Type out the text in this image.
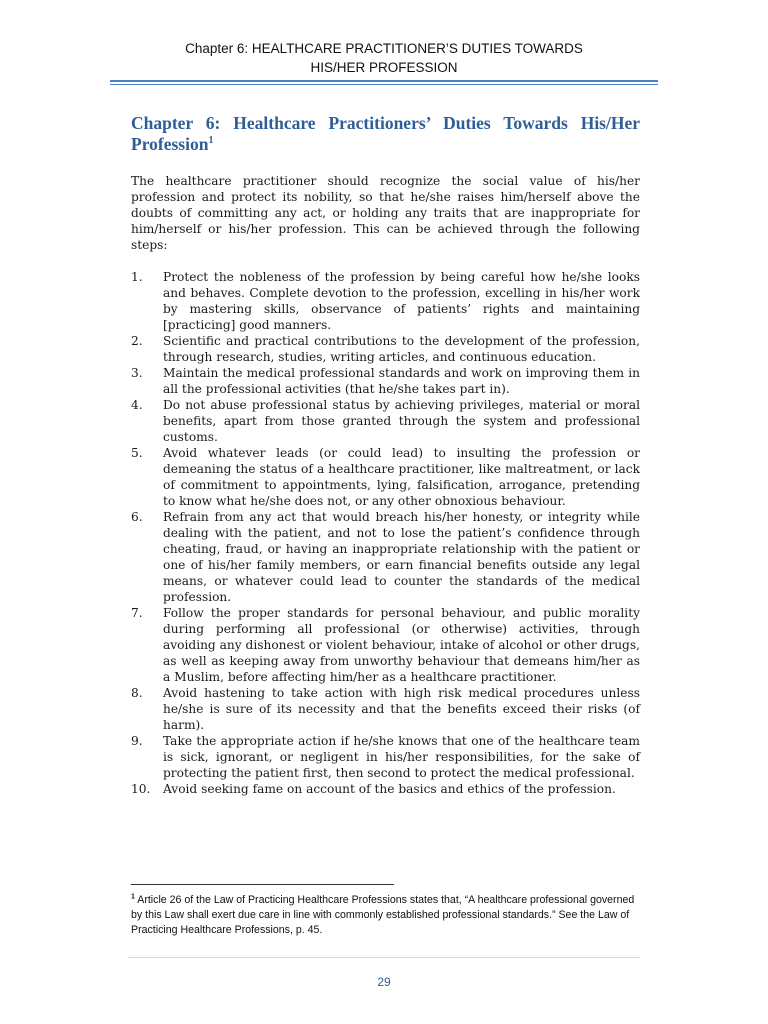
Chapter 6: HEALTHCARE PRACTITIONER’S DUTIES TOWARDS
HIS/HER PROFESSION
Chapter 6: Healthcare Practitioners’ Duties Towards His/Her Profession$^1$

The healthcare practitioner should recognize the social value of his/her profession and protect its nobility, so that he/she raises him/herself above the doubts of committing any act, or holding any traits that are inappropriate for him/herself or his/her profession. This can be achieved through the following steps:

1.	Protect the nobleness of the profession by being careful how he/she looks and behaves. Complete devotion to the profession, excelling in his/her work by mastering skills, observance of patients’ rights and maintaining [practicing] good manners.
2.	Scientific and practical contributions to the development of the profession, through research, studies, writing articles, and continuous education.
3.	Maintain the medical professional standards and work on improving them in all the professional activities (that he/she takes part in).
4.	Do not abuse professional status by achieving privileges, material or moral benefits, apart from those granted through the system and professional customs.
5.	Avoid whatever leads (or could lead) to insulting the profession or demeaning the status of a healthcare practitioner, like maltreatment, or lack of commitment to appointments, lying, falsification, arrogance, pretending to know what he/she does not, or any other obnoxious behaviour.
6.	Refrain from any act that would breach his/her honesty, or integrity while dealing with the patient, and not to lose the patient’s confidence through cheating, fraud, or having an inappropriate relationship with the patient or one of his/her family members, or earn financial benefits outside any legal means, or whatever could lead to counter the standards of the medical profession.
7.	Follow the proper standards for personal behaviour, and public morality during performing all professional (or otherwise) activities, through avoiding any dishonest or violent behaviour, intake of alcohol or other drugs, as well as keeping away from unworthy behaviour that demeans him/her as a Muslim, before affecting him/her as a healthcare practitioner.
8.	Avoid hastening to take action with high risk medical procedures unless he/she is sure of its necessity and that the benefits exceed their risks (of harm).
9.	Take the appropriate action if he/she knows that one of the healthcare team is sick, ignorant, or negligent in his/her responsibilities, for the sake of protecting the patient first, then second to protect the medical professional.
10.	Avoid seeking fame on account of the basics and ethics of the profession.
$^1$ Article 26 of the Law of Practicing Healthcare Professions states that, “A healthcare professional governed by this Law shall exert due care in line with commonly established professional standards.” See the Law of Practicing Healthcare Professions, p. 45.
29
